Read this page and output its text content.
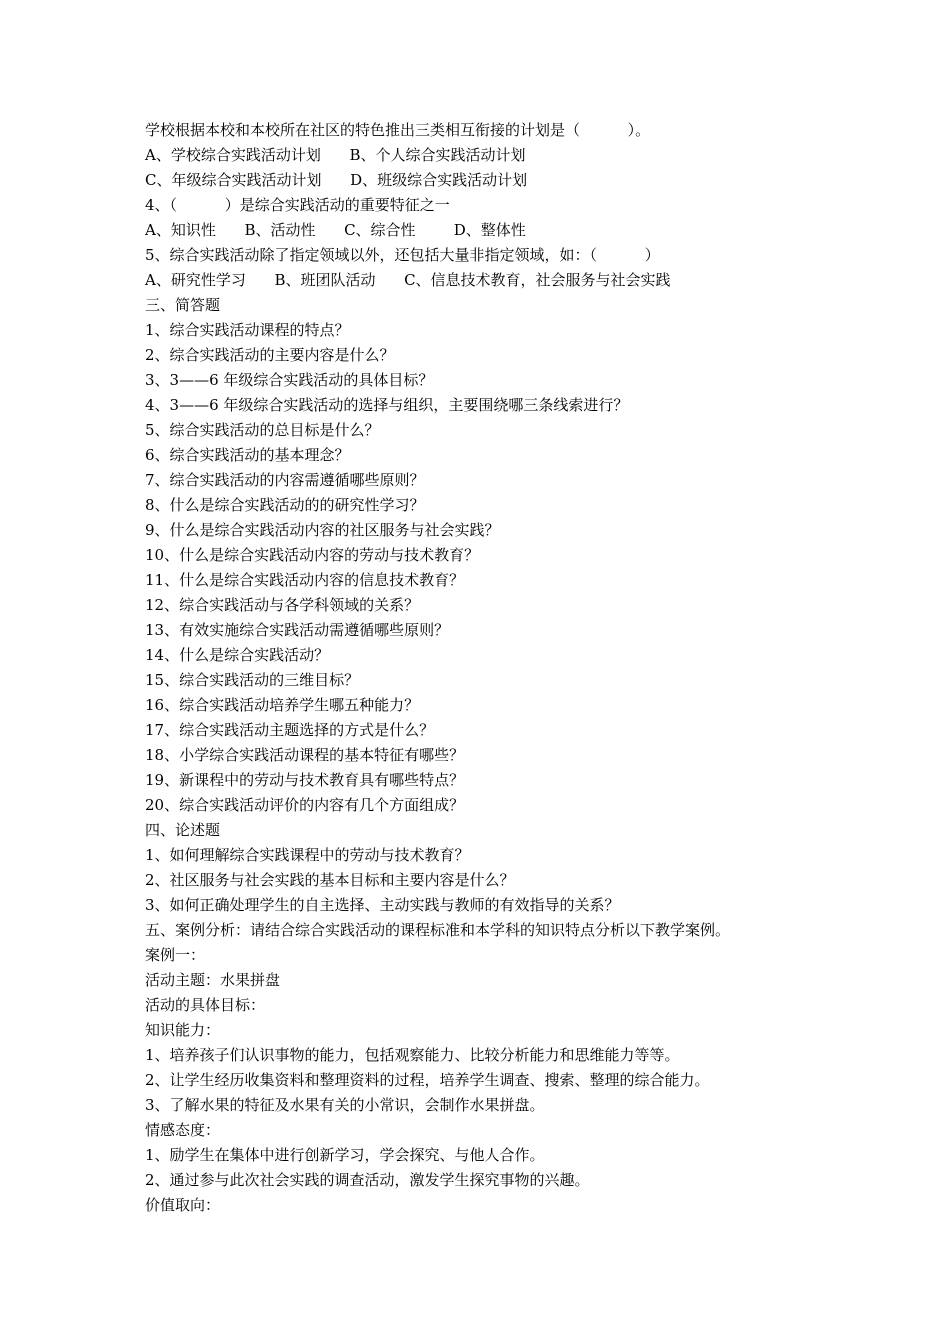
学校根据本校和本校所在社区的特色推出三类相互衔接的计划是（          ）。
A、学校综合实践活动计划      B、个人综合实践活动计划
C、年级综合实践活动计划      D、班级综合实践活动计划
4、（          ）是综合实践活动的重要特征之一
A、知识性      B、活动性      C、综合性        D、整体性
5、综合实践活动除了指定领域以外，还包括大量非指定领域，如：（          ）
A、研究性学习      B、班团队活动      C、信息技术教育，社会服务与社会实践
三、简答题
1、综合实践活动课程的特点？
2、综合实践活动的主要内容是什么？
3、3——6 年级综合实践活动的具体目标？
4、3——6 年级综合实践活动的选择与组织，主要围绕哪三条线索进行？
5、综合实践活动的总目标是什么？
6、综合实践活动的基本理念？
7、综合实践活动的内容需遵循哪些原则？
8、什么是综合实践活动的的研究性学习？
9、什么是综合实践活动内容的社区服务与社会实践？
10、什么是综合实践活动内容的劳动与技术教育？
11、什么是综合实践活动内容的信息技术教育？
12、综合实践活动与各学科领域的关系？
13、有效实施综合实践活动需遵循哪些原则？
14、什么是综合实践活动？
15、综合实践活动的三维目标？
16、综合实践活动培养学生哪五种能力？
17、综合实践活动主题选择的方式是什么？
18、小学综合实践活动课程的基本特征有哪些？
19、新课程中的劳动与技术教育具有哪些特点？
20、综合实践活动评价的内容有几个方面组成？
四、论述题
1、如何理解综合实践课程中的劳动与技术教育？
2、社区服务与社会实践的基本目标和主要内容是什么？
3、如何正确处理学生的自主选择、主动实践与教师的有效指导的关系？
五、案例分析：请结合综合实践活动的课程标准和本学科的知识特点分析以下教学案例。
案例一：
活动主题：水果拼盘
活动的具体目标：
知识能力：
1、培养孩子们认识事物的能力，包括观察能力、比较分析能力和思维能力等等。
2、让学生经历收集资料和整理资料的过程，培养学生调查、搜索、整理的综合能力。
3、了解水果的特征及水果有关的小常识，会制作水果拼盘。
情感态度：
1、励学生在集体中进行创新学习，学会探究、与他人合作。
2、通过参与此次社会实践的调查活动，激发学生探究事物的兴趣。
价值取向：
